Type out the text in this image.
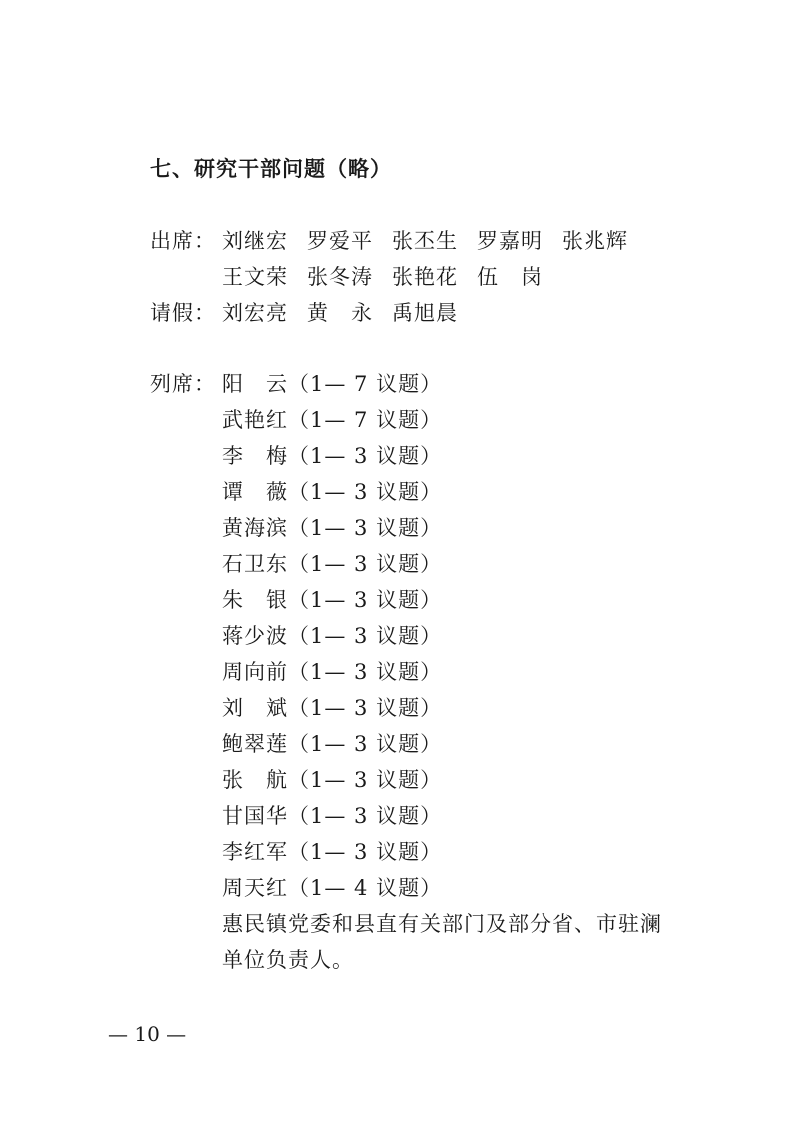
七、研究干部问题（略）
出席： 刘继宏 罗爱平 张丕生 罗嘉明 张兆辉
王文荣 张冬涛 张艳花 伍　岗
请假： 刘宏亮 黄　永 禹旭晨
列席： 阳　云（1— 7 议题）
武艳红（1— 7 议题）
李　梅（1— 3 议题）
谭　薇（1— 3 议题）
黄海滨（1— 3 议题）
石卫东（1— 3 议题）
朱　银（1— 3 议题）
蒋少波（1— 3 议题）
周向前（1— 3 议题）
刘　斌（1— 3 议题）
鲍翠莲（1— 3 议题）
张　航（1— 3 议题）
甘国华（1— 3 议题）
李红军（1— 3 议题）
周天红（1— 4 议题）
惠民镇党委和县直有关部门及部分省、市驻澜
单位负责人。
— 10 —
